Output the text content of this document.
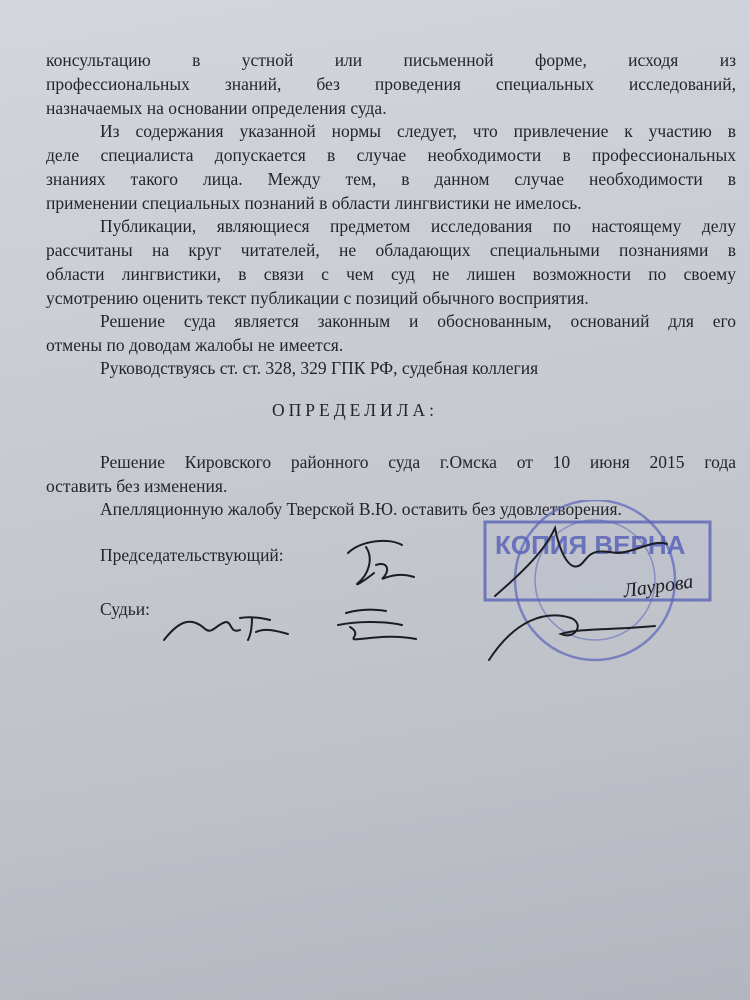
консультацию в устной или письменной форме, исходя из
профессиональных знаний, без проведения специальных исследований,
назначаемых на основании определения суда.
Из содержания указанной нормы следует, что привлечение к участию в
деле специалиста допускается в случае необходимости в профессиональных
знаниях такого лица. Между тем, в данном случае необходимости в
применении специальных познаний в области лингвистики не имелось.
Публикации, являющиеся предметом исследования по настоящему делу
рассчитаны на круг читателей, не обладающих специальными познаниями в
области лингвистики, в связи с чем суд не лишен возможности по своему
усмотрению оценить текст публикации с позиций обычного восприятия.
Решение суда является законным и обоснованным, оснований для его
отмены по доводам жалобы не имеется.
Руководствуясь ст. ст. 328, 329 ГПК РФ, судебная коллегия
ОПРЕДЕЛИЛА:
Решение Кировского районного суда г.Омска от 10 июня 2015 года
оставить без изменения.
Апелляционную жалобу Тверской В.Ю. оставить без удовлетворения.
Председательствующий:
Судьи:
КОПИЯ ВЕРНА
Лаурова
